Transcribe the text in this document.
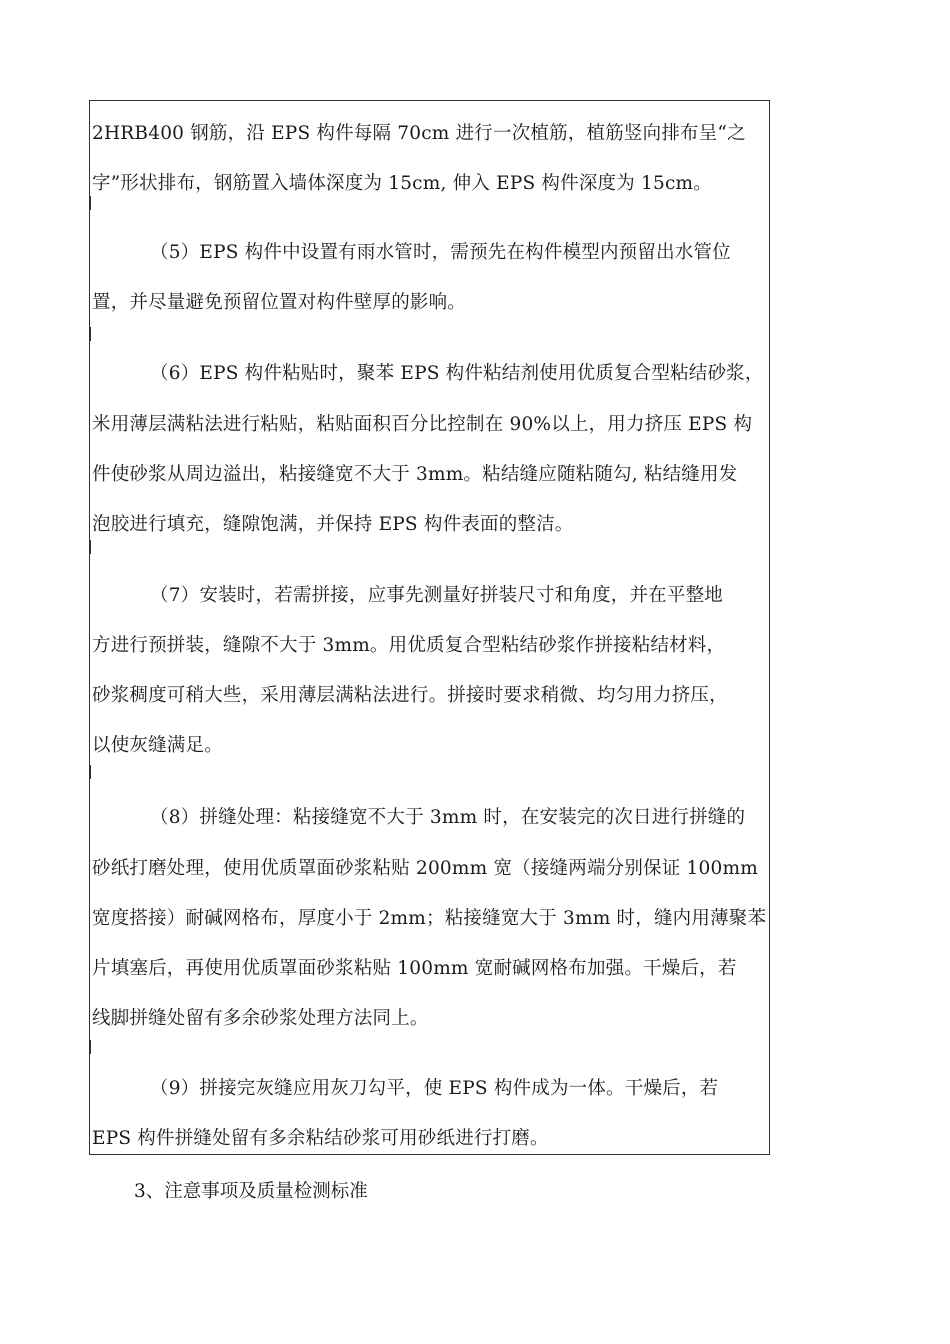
2HRB400 钢筋，沿 EPS 构件每隔 70cm 进行一次植筋，植筋竖向排布呈“之
字”形状排布，钢筋置入墙体深度为 15cm, 伸入 EPS 构件深度为 15cm。
（5）EPS 构件中设置有雨水管时，需预先在构件模型内预留出水管位
置，并尽量避免预留位置对构件壁厚的影响。
（6）EPS 构件粘贴时，聚苯 EPS 构件粘结剂使用优质复合型粘结砂浆，
米用薄层满粘法进行粘贴，粘贴面积百分比控制在 90%以上，用力挤压 EPS 构
件使砂浆从周边溢出，粘接缝宽不大于 3mm。粘结缝应随粘随勾, 粘结缝用发
泡胶进行填充，缝隙饱满，并保持 EPS 构件表面的整洁。
（7）安装时，若需拼接，应事先测量好拼装尺寸和角度，并在平整地
方进行预拼装，缝隙不大于 3mm。用优质复合型粘结砂浆作拼接粘结材料，
砂浆稠度可稍大些，采用薄层满粘法进行。拼接时要求稍微、均匀用力挤压，
以使灰缝满足。
（8）拼缝处理：粘接缝宽不大于 3mm 时，在安装完的次日进行拼缝的
砂纸打磨处理，使用优质罩面砂浆粘贴 200mm 宽（接缝两端分别保证 100mm
宽度搭接）耐碱网格布，厚度小于 2mm；粘接缝宽大于 3mm 时，缝内用薄聚苯
片填塞后，再使用优质罩面砂浆粘贴 100mm 宽耐碱网格布加强。干燥后，若
线脚拼缝处留有多余砂浆处理方法同上。
（9）拼接完灰缝应用灰刀勾平，使 EPS 构件成为一体。干燥后，若
EPS 构件拼缝处留有多余粘结砂浆可用砂纸进行打磨。
3、注意事项及质量检测标准
